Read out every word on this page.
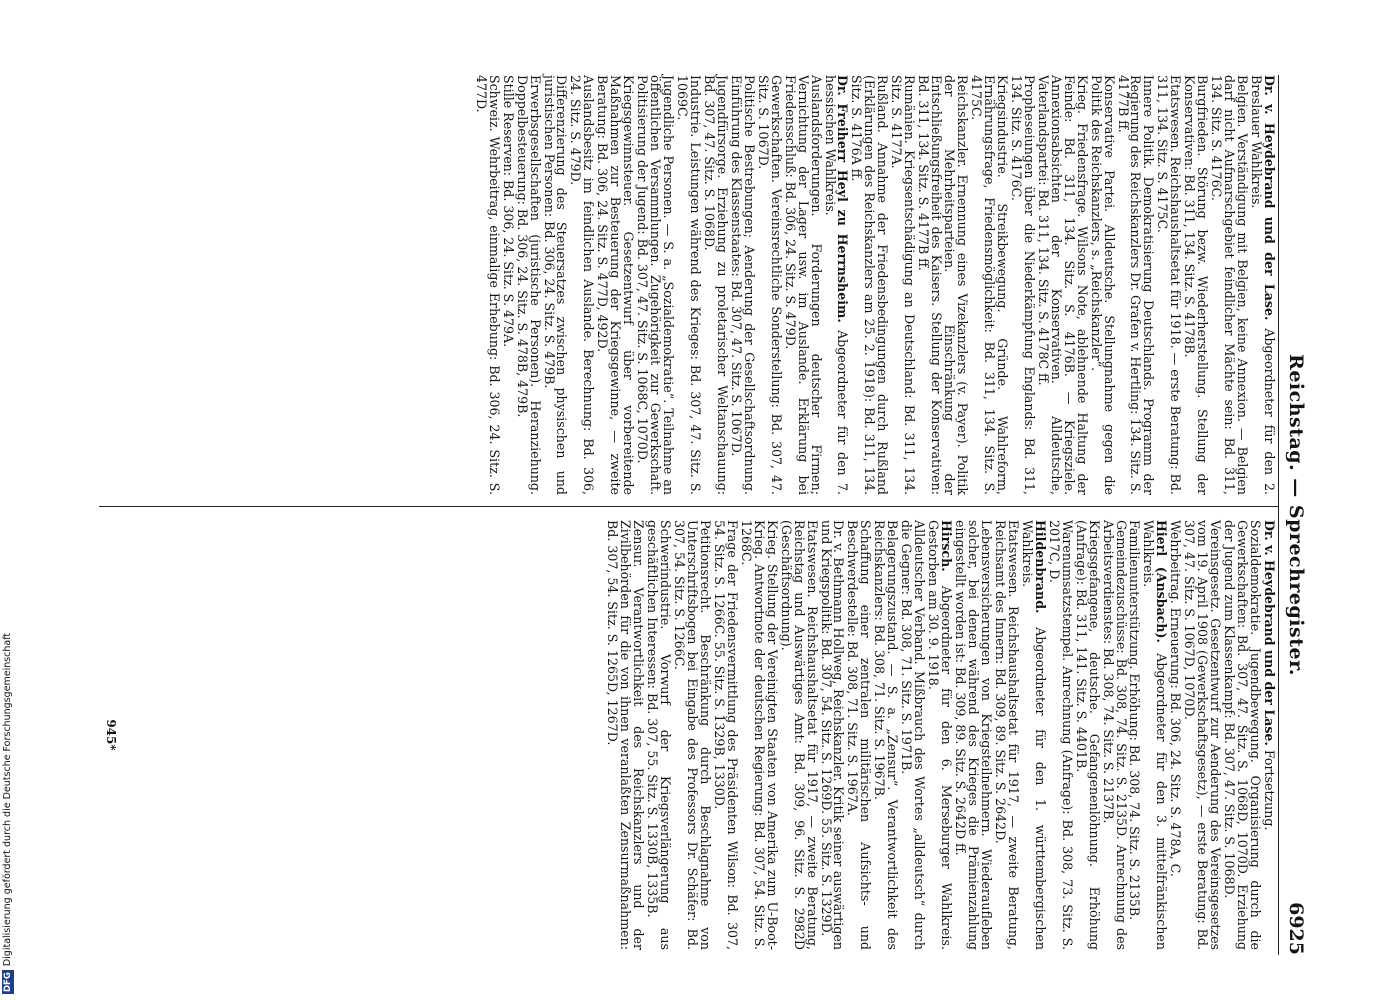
Reichstag. — Sprechregister.
6925
Dr. v. Heydebrand und der Lase. Abgeordneter für den 2. Breslauer Wahlkreis.
Belgien. Verständigung mit Belgien, keine Annexion. — Belgien darf nicht Aufmarschgebiet feindlicher Mächte sein: Bd. 311, 134. Sitz. S. 4176C.
Burgfrieden. Störung bezw. Wiederherstellung. Stellung der Konservativen: Bd. 311, 134. Sitz. S. 4178B.
Etatswesen. Reichshaushaltsetat für 1918. — erste Beratung: Bd. 311, 134. Sitz. S. 4175C.
Innere Politik. Demokratisierung Deutschlands. Programm der Regierung des Reichskanzlers Dr. Grafen v. Hertling: 134. Sitz. S. 4177B ff.
Konservative Partei. Alldeutsche. Stellungnahme gegen die Politik des Reichskanzlers, s. „Reichskanzler“.
Krieg. Friedensfrage. Wilsons Note, ablehnende Haltung der Feinde: Bd. 311, 134. Sitz. S. 4176B. — Kriegsziele. Annexionsabsichten der Konservativen. Alldeutsche, Vaterlandspartei: Bd. 311, 134. Sitz. S. 4178C ff.
Propheseiungen über die Niederkämpfung Englands: Bd. 311, 134. Sitz. S. 4176C.
Kriegsindustrie. Streikbewegung. Gründe. Wahlreform, Ernährungsfrage, Friedensmöglichkeit: Bd. 311, 134. Sitz. S. 4175C.
Reichskanzler. Ernennung eines Vizekanzlers (v. Payer). Politik der Mehrheitsparteien. Einschränkung der Entschließungsfreiheit des Kaisers. Stellung der Konservativen: Bd. 311, 134. Sitz. S. 4177B ff.
Rumänien. Kriegsentschädigung an Deutschland: Bd. 311, 134. Sitz. S. 4177A.
Rußland. Annahme der Friedensbedingungen durch Rußland (Erklärungen des Reichskanzlers am 25. 2. 1918): Bd. 311, 134. Sitz. S. 4176A ff.
Dr. Freiherr Heyl zu Herrnsheim. Abgeordneter für den 7. hessischen Wahlkreis.
Auslandsforderungen. Forderungen deutscher Firmen; Vernichtung der Lager usw. im Auslande. Erklärung bei Friedensschluß: Bd. 306, 24. Sitz. S. 479D.
Gewerkschaften. Vereinsrechtliche Sonderstellung: Bd. 307, 47. Sitz. S. 1067D.
Politische Bestrebungen; Aenderung der Gesellschaftsordnung. Einführung des Klassenstaates: Bd. 307, 47. Sitz. S. 1067D.
Jugendfürsorge. Erziehung zu proletarischer Weltanschauung: Bd. 307, 47. Sitz. S. 1068D.
Industrie. Leistungen während des Krieges: Bd. 307, 47. Sitz. S. 1069C.
Jugendliche Personen. — S. a. „Sozialdemokratie“. Teilnahme an öffentlichen Versammlungen. Zugehörigkeit zur Gewerkschaft. Politisierung der Jugend: Bd. 307, 47. Sitz. S. 1068C, 1070D.
Kriegsgewinnsteuer. Gesetzentwurf über vorbereitende Maßnahmen zur Besteuerung der Kriegsgewinne, — zweite Beratung: Bd. 306, 24. Sitz. S. 477D, 492D.
Auslandsbesitz im feindlichen Auslande. Berechnung: Bd. 306, 24. Sitz. S. 479D.
Differenzierung des Steuersatzes zwischen physischen und juristischen Personen: Bd. 306, 24. Sitz. S. 479B.
Erwerbsgesellschaften (juristische Personen). Heranziehung. Doppelbesteuerung: Bd. 306, 24. Sitz. S. 478B, 479B.
Stille Reserven: Bd. 306, 24. Sitz. S. 479A.
Schweiz. Wehrbeitrag, einmalige Erhebung: Bd. 306, 24. Sitz. S. 477D.
Dr. v. Heydebrand und der Lase. Fortsetzung.
Sozialdemokratie. Jugendbewegung. Organisierung durch die Gewerkschaften: Bd. 307, 47. Sitz. S. 1068D, 1070D. Erziehung der Jugend zum Klassenkampf: Bd. 307, 47. Sitz. S. 1068D.
Vereinsgesetz. Gesetzentwurf zur Aenderung des Vereinsgesetzes vom 19. April 1908 (Gewerkschaftsgesetz), — erste Beratung: Bd. 307, 47. Sitz. S. 1067D, 1070D.
Wehrbeitrag. Erneuerung: Bd. 306, 24. Sitz. S. 478A, C.
Hierl (Ansbach). Abgeordneter für den 3. mittelfränkischen Wahlkreis.
Familienunterstützung. Erhöhung: Bd. 308, 74. Sitz. S. 2135B.
Gemeindezuschüsse: Bd. 308, 74. Sitz. S. 2135D. Anrechnung des Arbeitsverdienstes: Bd. 308, 74. Sitz. S. 2137B.
Kriegsgefangene, deutsche. Gefangenenlöhnung. Erhöhung (Anfrage): Bd. 311, 141. Sitz. S. 4401B.
Warenumsatzstempel. Anrechnung (Anfrage): Bd. 308, 73. Sitz. S. 2017C, D.
Hildenbrand. Abgeordneter für den 1. württembergischen Wahlkreis.
Etatswesen. Reichshaushaltsetat für 1917, — zweite Beratung, Reichsamt des Innern: Bd. 309, 89. Sitz. S. 2642D.
Lebensversicherungen von Kriegsteilnehmern. Wiederaufleben solcher, bei denen während des Krieges die Prämienzahlung eingestellt worden ist: Bd. 309, 89. Sitz. S. 2642D ff.
Hirsch. Abgeordneter für den 6. Merseburger Wahlkreis. Gestorben am 30. 9. 1918.
Alldeutscher Verband. Mißbrauch des Wortes „alldeutsch“ durch die Gegner: Bd. 308, 71. Sitz. S. 1971B.
Belagerungszustand. — S. a. „Zensur“. Verantwortlichkeit des Reichskanzlers: Bd. 308, 71. Sitz. S. 1967B.
Schaffung einer zentralen militärischen Aufsichts- und Beschwerdestelle: Bd. 308, 71. Sitz. S. 1967A.
Dr. v. Bethmann Hollweg, Reichskanzler. Kritik seiner auswärtigen und Kriegspolitik: Bd. 307, 54. Sitz. S. 1269D. 55. Sitz. S. 1329D.
Etatswesen. Reichshaushaltsetat für 1917, — zweite Beratung, Reichstag und Auswärtiges Amt: Bd. 309, 96. Sitz. S. 2982D (Geschäftsordnung).
Krieg. Stellung der Vereinigten Staaten von Amerika zum U-Boot-Krieg. Antwortnote der deutschen Regierung: Bd. 307, 54. Sitz. S. 1268C.
Frage der Friedensvermittlung des Präsidenten Wilson: Bd. 307, 54. Sitz. S. 1266C. 55. Sitz. S. 1329B, 1330D.
Petitionsrecht. Beschränkung durch Beschlagnahme von Unterschriftsbogen bei Eingabe des Professors Dr. Schäfer: Bd. 307, 54. Sitz. S. 1266C.
Schwerindustrie. Vorwurf der Kriegsverlängerung aus geschäftlichen Interessen: Bd. 307, 55. Sitz. S. 1330B, 1335B.
Zensur. Verantwortlichkeit des Reichskanzlers und der Zivilbehörden für die von ihnen veranlaßten Zensurmaßnahmen: Bd. 307, 54. Sitz. S. 1265D, 1267D.
945*
DFGDigitalisierung gefördert durch die Deutsche Forschungsgemeinschaft
